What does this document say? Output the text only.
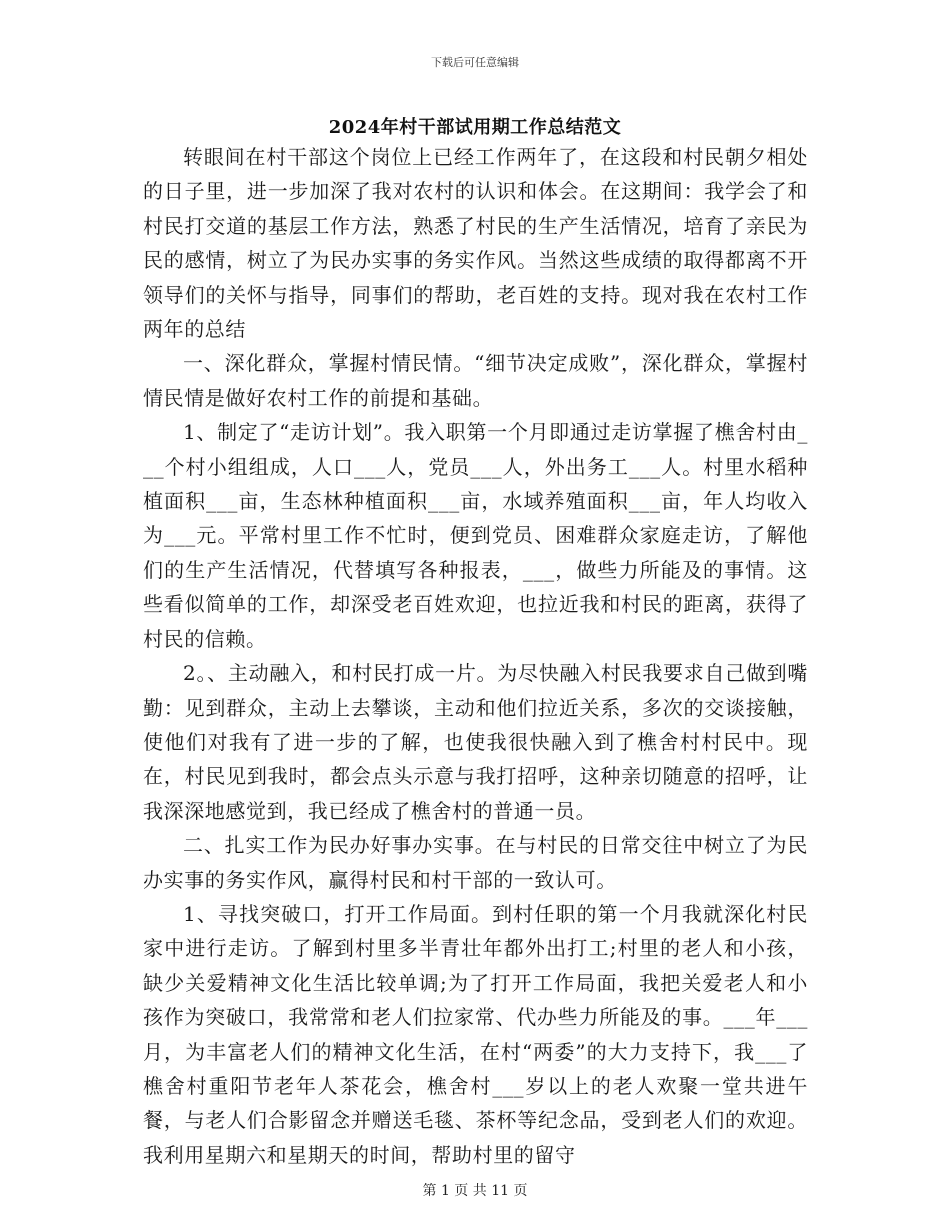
下载后可任意编辑
2024年村干部试用期工作总结范文

转眼间在村干部这个岗位上已经工作两年了，在这段和村民朝夕相处的日子里，进一步加深了我对农村的认识和体会。在这期间：我学会了和村民打交道的基层工作方法，熟悉了村民的生产生活情况，培育了亲民为民的感情，树立了为民办实事的务实作风。当然这些成绩的取得都离不开领导们的关怀与指导，同事们的帮助，老百姓的支持。现对我在农村工作两年的总结

一、深化群众，掌握村情民情。“细节决定成败”，深化群众，掌握村情民情是做好农村工作的前提和基础。

1、制定了“走访计划”。我入职第一个月即通过走访掌握了樵舍村由___个村小组组成，人口___人，党员___人，外出务工___人。村里水稻种植面积___亩，生态林种植面积___亩，水域养殖面积___亩，年人均收入为___元。平常村里工作不忙时，便到党员、困难群众家庭走访，了解他们的生产生活情况，代替填写各种报表，___，做些力所能及的事情。这些看似简单的工作，却深受老百姓欢迎，也拉近我和村民的距离，获得了村民的信赖。

2。、主动融入，和村民打成一片。为尽快融入村民我要求自己做到嘴勤：见到群众，主动上去攀谈，主动和他们拉近关系，多次的交谈接触，使他们对我有了进一步的了解，也使我很快融入到了樵舍村村民中。现在，村民见到我时，都会点头示意与我打招呼，这种亲切随意的招呼，让我深深地感觉到，我已经成了樵舍村的普通一员。

二、扎实工作为民办好事办实事。在与村民的日常交往中树立了为民办实事的务实作风，赢得村民和村干部的一致认可。

1、寻找突破口，打开工作局面。到村任职的第一个月我就深化村民家中进行走访。了解到村里多半青壮年都外出打工;村里的老人和小孩，缺少关爱精神文化生活比较单调;为了打开工作局面，我把关爱老人和小孩作为突破口，我常常和老人们拉家常、代办些力所能及的事。___年___月，为丰富老人们的精神文化生活，在村“两委”的大力支持下，我___了樵舍村重阳节老年人茶花会，樵舍村___岁以上的老人欢聚一堂共进午餐，与老人们合影留念并赠送毛毯、茶杯等纪念品，受到老人们的欢迎。我利用星期六和星期天的时间，帮助村里的留守

第 1 页 共 11 页
